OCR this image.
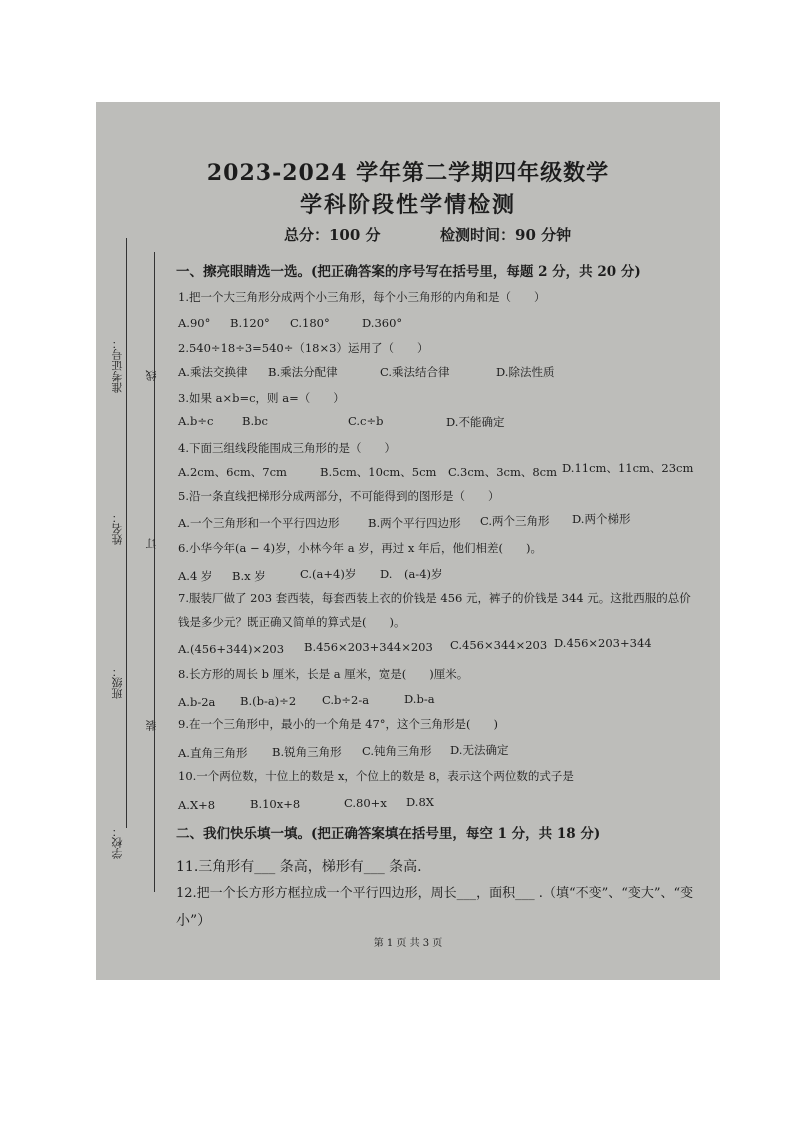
2023-2024 学年第二学期四年级数学
学科阶段性学情检测
总分：100 分	检测时间：90 分钟
准考证号： 线
姓名： 订
班级：
装
学校：
一、擦亮眼睛选一选。(把正确答案的序号写在括号里，每题 2 分，共 20 分)
1.把一个大三角形分成两个小三角形，每个小三角形的内角和是（　　）
A.90° B.120° C.180°	D.360°
2.540÷18÷3=540÷（18×3）运用了（　　）
A.乘法交换律 B.乘法分配律	C.乘法结合律	D.除法性质
3.如果 a×b=c，则 a=（　　）
A.b÷c B.bc	C.c÷b	D.不能确定
4.下面三组线段能围成三角形的是（　　）
A.2cm、6cm、7cm	B.5cm、10cm、5cm C.3cm、3cm、8cm D.11cm、11cm、23cm
5.沿一条直线把梯形分成两部分，不可能得到的图形是（　　）
A.一个三角形和一个平行四边形 B.两个平行四边形 C.两个三角形 D.两个梯形
6.小华今年(a − 4)岁，小林今年 a 岁，再过 x 年后，他们相差(　　)。
A.4 岁 B.x 岁	C.(a+4)岁 D.　(a-4)岁
7.服装厂做了 203 套西装，每套西装上衣的价钱是 456 元，裤子的价钱是 344 元。这批西服的总价
钱是多少元？既正确又简单的算式是(　　)。
A.(456+344)×203 B.456×203+344×203 C.456×344×203 D.456×203+344
8.长方形的周长 b 厘米，长是 a 厘米，宽是(　　)厘米。
A.b-2a B.(b-a)÷2 C.b÷2-a	D.b-a
9.在一个三角形中，最小的一个角是 47°，这个三角形是(　　)
A.直角三角形 B.锐角三角形 C.钝角三角形 D.无法确定
10.一个两位数，十位上的数是 x，个位上的数是 8，表示这个两位数的式子是
A.X+8	B.10x+8	C.80+x D.8X
二、我们快乐填一填。(把正确答案填在括号里，每空 1 分，共 18 分)
11.三角形有___ 条高，梯形有___ 条高.
12.把一个长方形方框拉成一个平行四边形，周长___，面积___ .（填“不变”、“变大”、“变
小”）
第 1 页 共 3 页
